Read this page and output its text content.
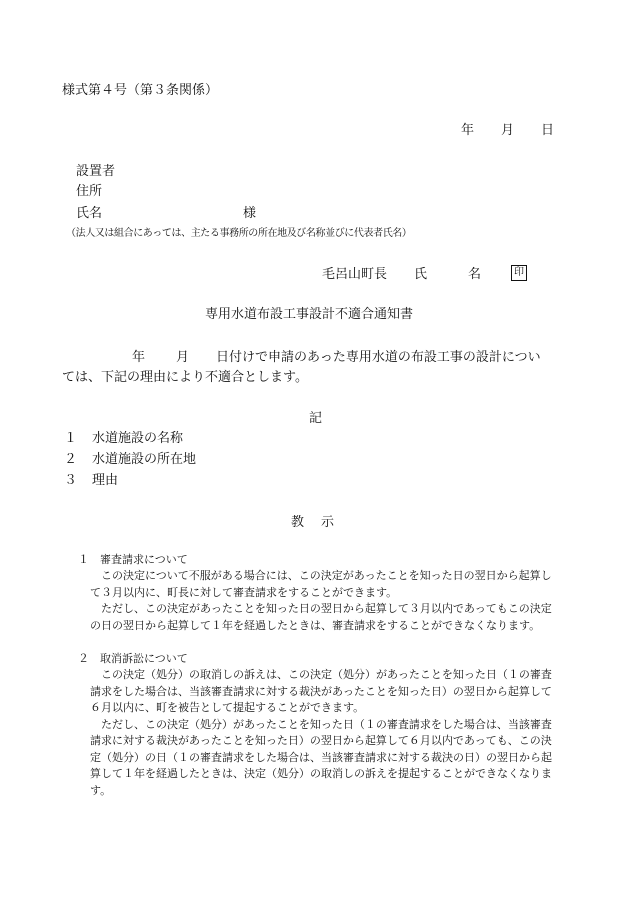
様式第４号（第３条関係）
年 月 日
設置者
住所
氏名	様
（法人又は組合にあっては、主たる事務所の所在地及び名称並びに代表者氏名）
毛呂山町長 氏	名	印
専用水道布設工事設計不適合通知書
年 月 日付けで申請のあった専用水道の布設工事の設計につい
ては、下記の理由により不適合とします。
記
１ 水道施設の名称
２ 水道施設の所在地
３ 理由
教　示
１ 審査請求について

この決定について不服がある場合には、この決定があったことを知った日の翌日から起算して３月以内に、町長に対して審査請求をすることができます。

ただし、この決定があったことを知った日の翌日から起算して３月以内であってもこの決定の日の翌日から起算して１年を経過したときは、審査請求をすることができなくなります。

２ 取消訴訟について

この決定（処分）の取消しの訴えは、この決定（処分）があったことを知った日（１の審査請求をした場合は、当該審査請求に対する裁決があったことを知った日）の翌日から起算して６月以内に、町を被告として提起することができます。

ただし、この決定（処分）があったことを知った日（１の審査請求をした場合は、当該審査請求に対する裁決があったことを知った日）の翌日から起算して６月以内であっても、この決定（処分）の日（１の審査請求をした場合は、当該審査請求に対する裁決の日）の翌日から起算して１年を経過したときは、決定（処分）の取消しの訴えを提起することができなくなります。
